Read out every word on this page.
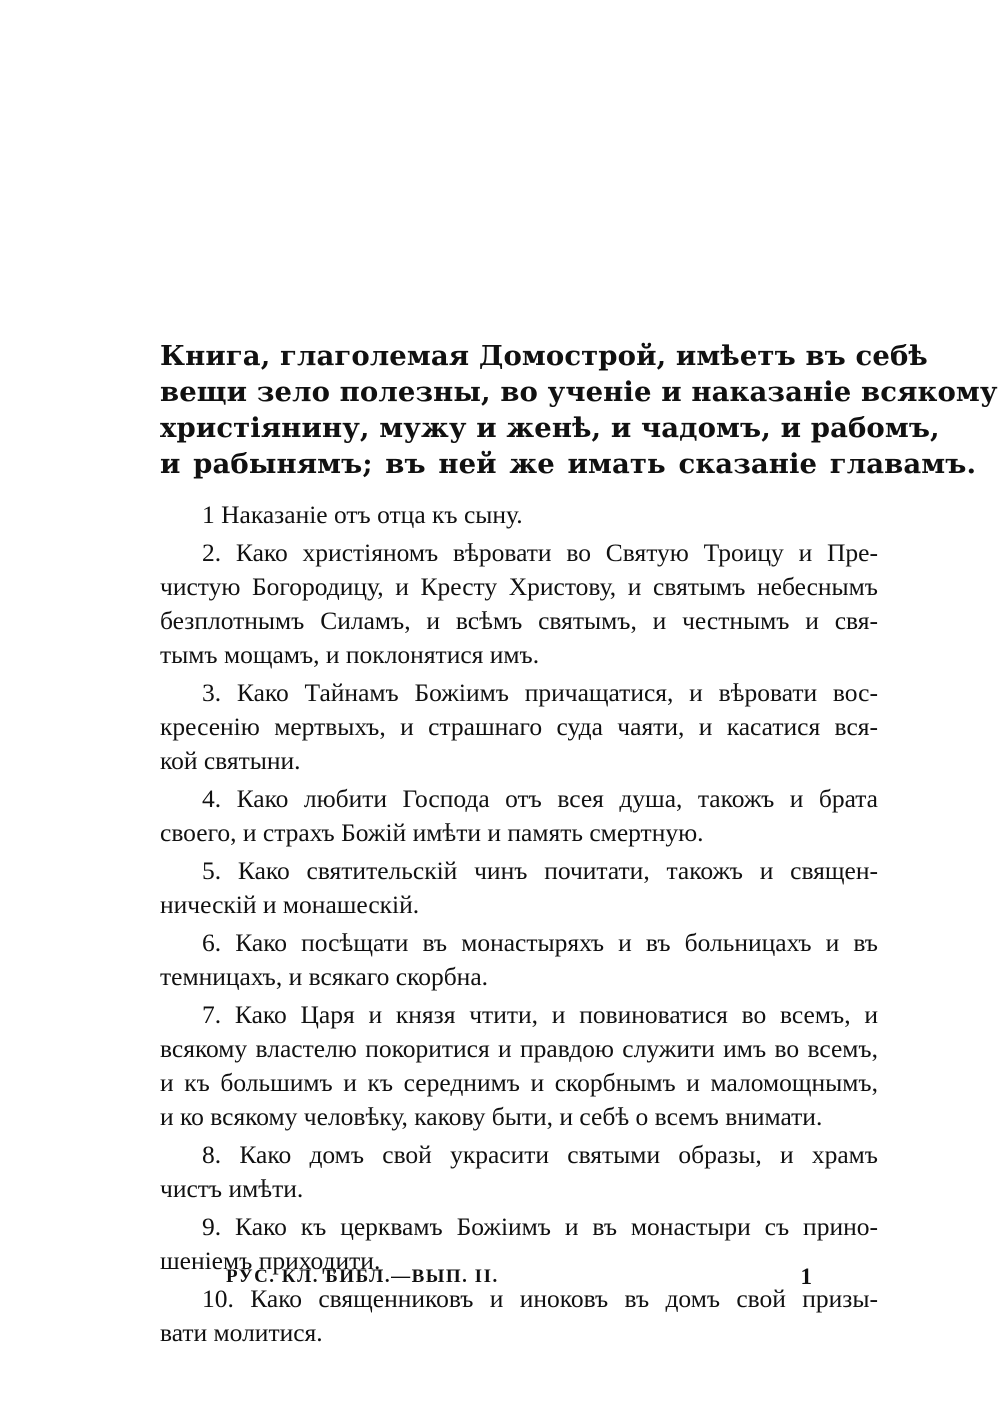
Книга, глаголемая Домострой, имѣетъ въ себѣ
вещи зело полезны, во ученіе и наказаніе всякому
христіянину, мужу и женѣ, и чадомъ, и рабомъ,
и рабынямъ; въ ней же имать сказаніе главамъ.
1 Наказаніе отъ отца къ сыну.
2. Како христіяномъ вѣровати во Святую Троицу и Пре-
чистую Богородицу, и Кресту Христову, и святымъ небеснымъ
безплотнымъ Силамъ, и всѣмъ святымъ, и честнымъ и свя-
тымъ мощамъ, и поклонятися имъ.
3. Како Тайнамъ Божіимъ причащатися, и вѣровати вос-
кресенію мертвыхъ, и страшнаго суда чаяти, и касатися вся-
кой святыни.
4. Како любити Господа отъ всея душа, такожъ и брата
своего, и страхъ Божій имѣти и память смертную.
5. Како святительскій чинъ почитати, такожъ и священ-
ническій и монашескій.
6. Како посѣщати въ монастыряхъ и въ больницахъ и въ
темницахъ, и всякаго скорбна.
7. Како Царя и князя чтити, и повиноватися во всемъ, и
всякому властелю покоритися и правдою служити имъ во всемъ,
и къ большимъ и къ середнимъ и скорбнымъ и маломощнымъ,
и ко всякому человѣку, какову быти, и себѣ о всемъ внимати.
8. Како домъ свой украсити святыми образы, и храмъ
чистъ имѣти.
9. Како къ церквамъ Божіимъ и въ монастыри съ прино-
шеніемъ приходити.
10. Како священниковъ и иноковъ въ домъ свой призы-
вати молитися.
РУС. КЛ. БИБЛ.—ВЫП. II.	1
